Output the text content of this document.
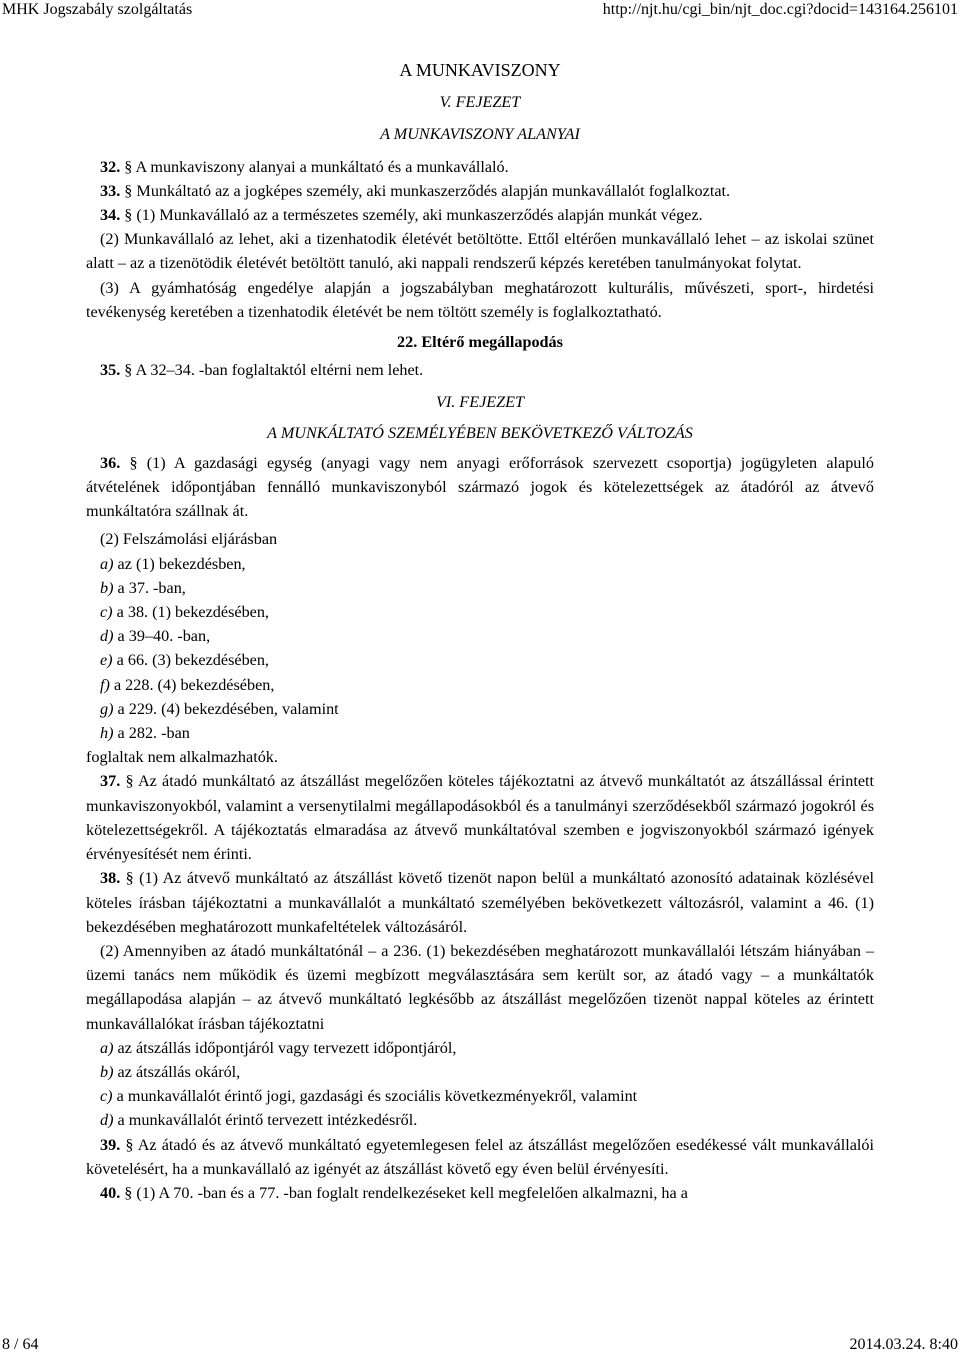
MHK Jogszabály szolgáltatás	http://njt.hu/cgi_bin/njt_doc.cgi?docid=143164.256101
A MUNKAVISZONY
V. FEJEZET
A MUNKAVISZONY ALANYAI

32. § A munkaviszony alanyai a munkáltató és a munkavállaló.

33. § Munkáltató az a jogképes személy, aki munkaszerződés alapján munkavállalót foglalkoztat.

34. § (1) Munkavállaló az a természetes személy, aki munkaszerződés alapján munkát végez.

(2) Munkavállaló az lehet, aki a tizenhatodik életévét betöltötte. Ettől eltérően munkavállaló lehet – az iskolai szünet alatt – az a tizenötödik életévét betöltött tanuló, aki nappali rendszerű képzés keretében tanulmányokat folytat.

(3) A gyámhatóság engedélye alapján a jogszabályban meghatározott kulturális, művészeti, sport-, hirdetési tevékenység keretében a tizenhatodik életévét be nem töltött személy is foglalkoztatható.

22. Eltérő megállapodás

35. § A 32–34. -ban foglaltaktól eltérni nem lehet.

VI. FEJEZET
A MUNKÁLTATÓ SZEMÉLYÉBEN BEKÖVETKEZŐ VÁLTOZÁS

36. § (1) A gazdasági egység (anyagi vagy nem anyagi erőforrások szervezett csoportja) jogügyleten alapuló átvételének időpontjában fennálló munkaviszonyból származó jogok és kötelezettségek az átadóról az átvevő munkáltatóra szállnak át.

(2) Felszámolási eljárásban

a) az (1) bekezdésben,

b) a 37. -ban,

c) a 38. (1) bekezdésében,

d) a 39–40. -ban,

e) a 66. (3) bekezdésében,

f) a 228. (4) bekezdésében,

g) a 229. (4) bekezdésében, valamint

h) a 282. -ban

foglaltak nem alkalmazhatók.

37. § Az átadó munkáltató az átszállást megelőzően köteles tájékoztatni az átvevő munkáltatót az átszállással érintett munkaviszonyokból, valamint a versenytilalmi megállapodásokból és a tanulmányi szerződésekből származó jogokról és kötelezettségekről. A tájékoztatás elmaradása az átvevő munkáltatóval szemben e jogviszonyokból származó igények érvényesítését nem érinti.

38. § (1) Az átvevő munkáltató az átszállást követő tizenöt napon belül a munkáltató azonosító adatainak közlésével köteles írásban tájékoztatni a munkavállalót a munkáltató személyében bekövetkezett változásról, valamint a 46. (1) bekezdésében meghatározott munkafeltételek változásáról.

(2) Amennyiben az átadó munkáltatónál – a 236. (1) bekezdésében meghatározott munkavállalói létszám hiányában – üzemi tanács nem működik és üzemi megbízott megválasztására sem került sor, az átadó vagy – a munkáltatók megállapodása alapján – az átvevő munkáltató legkésőbb az átszállást megelőzően tizenöt nappal köteles az érintett munkavállalókat írásban tájékoztatni

a) az átszállás időpontjáról vagy tervezett időpontjáról,

b) az átszállás okáról,

c) a munkavállalót érintő jogi, gazdasági és szociális következményekről, valamint

d) a munkavállalót érintő tervezett intézkedésről.

39. § Az átadó és az átvevő munkáltató egyetemlegesen felel az átszállást megelőzően esedékessé vált munkavállalói követelésért, ha a munkavállaló az igényét az átszállást követő egy éven belül érvényesíti.

40. § (1) A 70. -ban és a 77. -ban foglalt rendelkezéseket kell megfelelően alkalmazni, ha a

8 / 64	2014.03.24. 8:40
